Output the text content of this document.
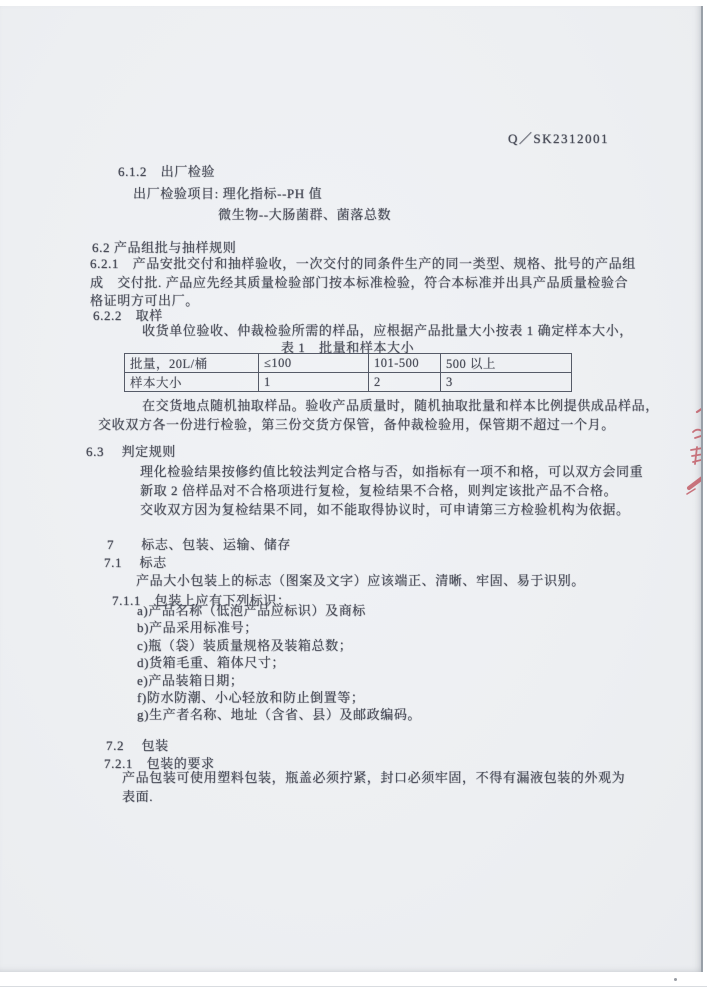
Q／SK2312001
6.1.2　出厂检验
出厂检验项目: 理化指标--PH 值
微生物--大肠菌群、菌落总数
6.2 产品组批与抽样规则
6.2.1　产品安批交付和抽样验收，一次交付的同条件生产的同一类型、规格、批号的产品组
成　交付批. 产品应先经其质量检验部门按本标准检验，符合本标准并出具产品质量检验合
格证明方可出厂。
6.2.2　取样
收货单位验收、仲裁检验所需的样品，应根据产品批量大小按表 1 确定样本大小，
表 1　批量和样本大小
批量，20L/桶	≤100	101-500	500 以上
样本大小	1	2	3
在交货地点随机抽取样品。验收产品质量时，随机抽取批量和样本比例提供成品样品，
交收双方各一份进行检验，第三份交货方保管，备仲裁检验用，保管期不超过一个月。
6.3　 判定规则
理化检验结果按修约值比较法判定合格与否，如指标有一项不和格，可以双方会同重
新取 2 倍样品对不合格项进行复检，复检结果不合格，则判定该批产品不合格。
交收双方因为复检结果不同，如不能取得协议时，可申请第三方检验机构为依据。
7　　标志、包装、运输、储存
7.1　 标志
产品大小包装上的标志（图案及文字）应该端正、清晰、牢固、易于识别。
7.1.1　包装上应有下列标识：
a)产品名称（低泡产品应标识）及商标
b)产品采用标准号；
c)瓶（袋）装质量规格及装箱总数；
d)货箱毛重、箱体尺寸；
e)产品装箱日期；
f)防水防潮、小心轻放和防止倒置等；
g)生产者名称、地址（含省、县）及邮政编码。
7.2　 包装
7.2.1　包装的要求
产品包装可使用塑料包装，瓶盖必须拧紧，封口必须牢固，不得有漏液包装的外观为
表面.
